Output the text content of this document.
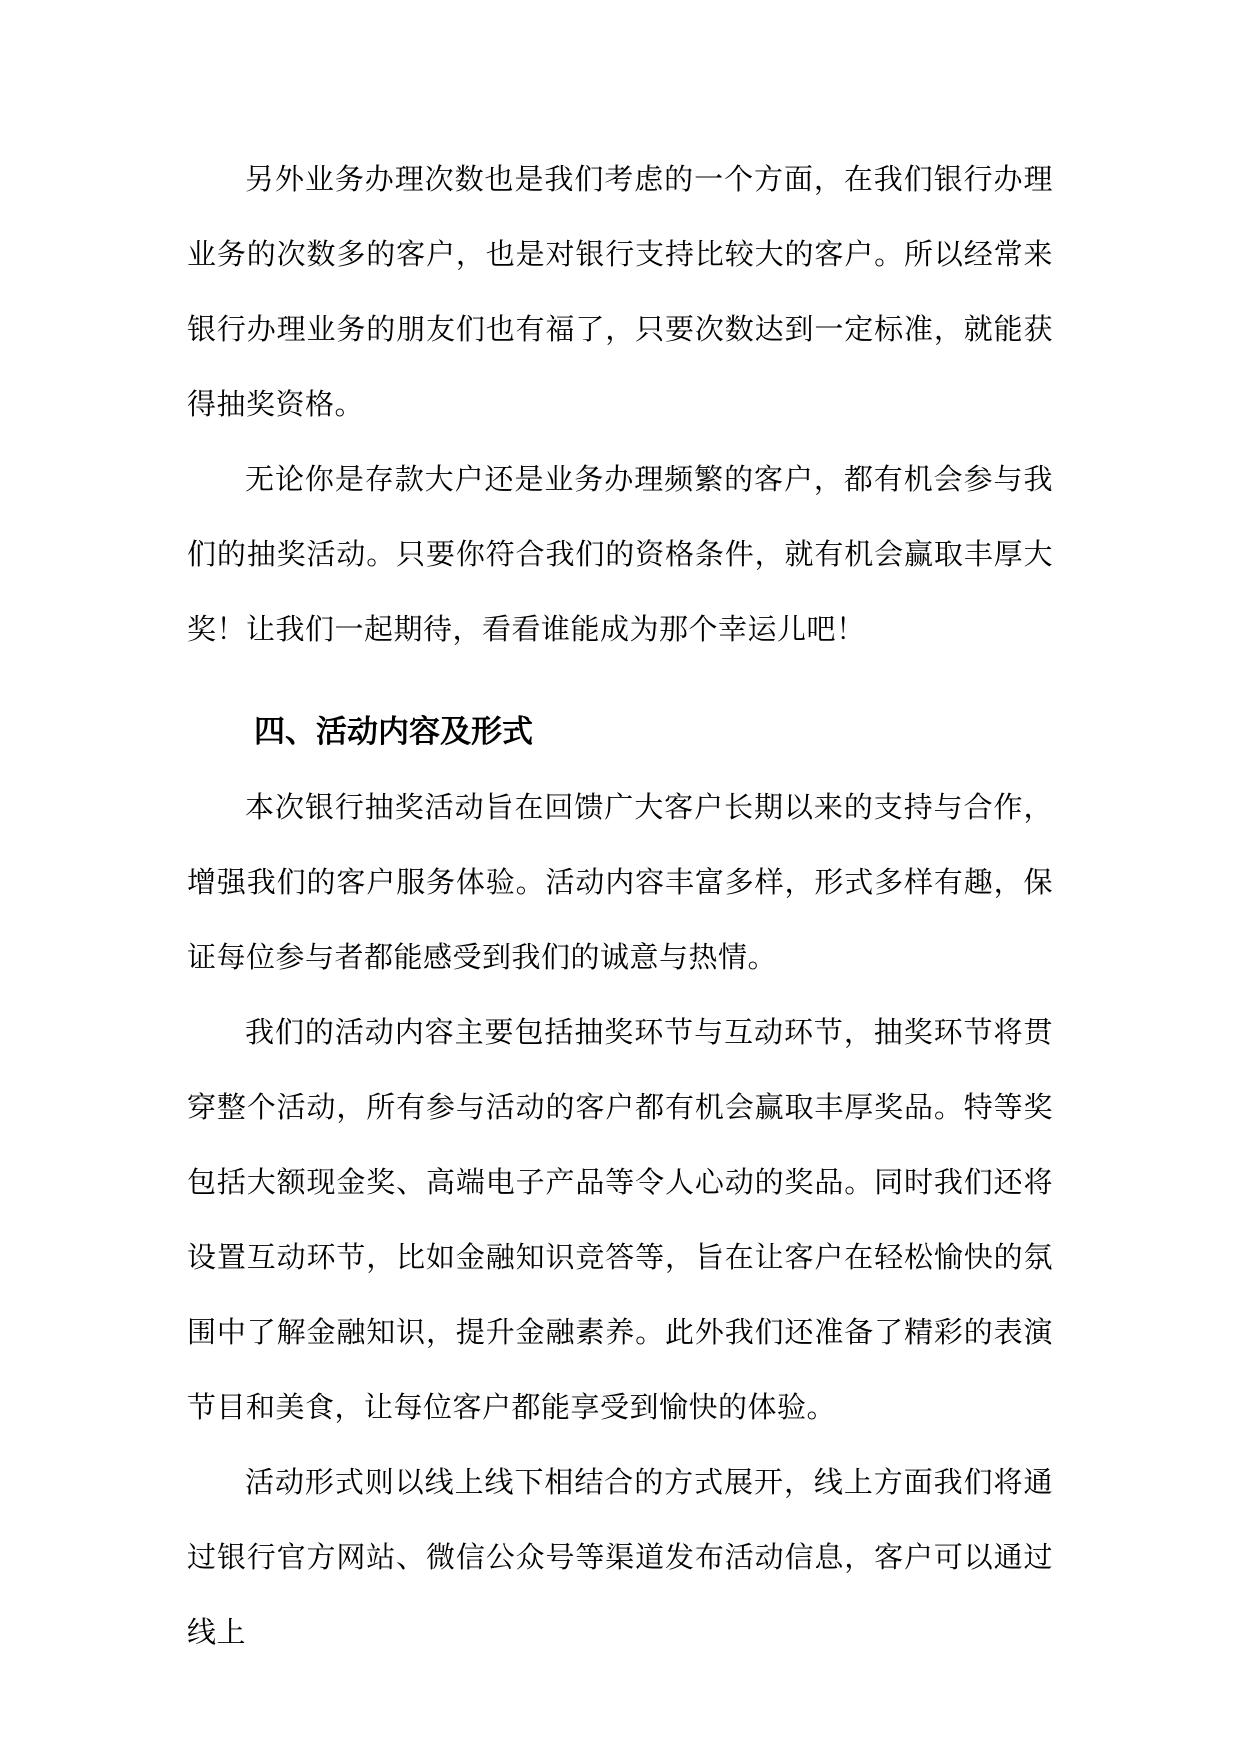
另外业务办理次数也是我们考虑的一个方面，在我们银行办理业务的次数多的客户，也是对银行支持比较大的客户。所以经常来银行办理业务的朋友们也有福了，只要次数达到一定标准，就能获得抽奖资格。

无论你是存款大户还是业务办理频繁的客户，都有机会参与我们的抽奖活动。只要你符合我们的资格条件，就有机会赢取丰厚大奖！让我们一起期待，看看谁能成为那个幸运儿吧！

四、活动内容及形式

本次银行抽奖活动旨在回馈广大客户长期以来的支持与合作，增强我们的客户服务体验。活动内容丰富多样，形式多样有趣，保证每位参与者都能感受到我们的诚意与热情。

我们的活动内容主要包括抽奖环节与互动环节，抽奖环节将贯穿整个活动，所有参与活动的客户都有机会赢取丰厚奖品。特等奖包括大额现金奖、高端电子产品等令人心动的奖品。同时我们还将设置互动环节，比如金融知识竞答等，旨在让客户在轻松愉快的氛围中了解金融知识，提升金融素养。此外我们还准备了精彩的表演节目和美食，让每位客户都能享受到愉快的体验。

活动形式则以线上线下相结合的方式展开，线上方面我们将通过银行官方网站、微信公众号等渠道发布活动信息，客户可以通过线上
